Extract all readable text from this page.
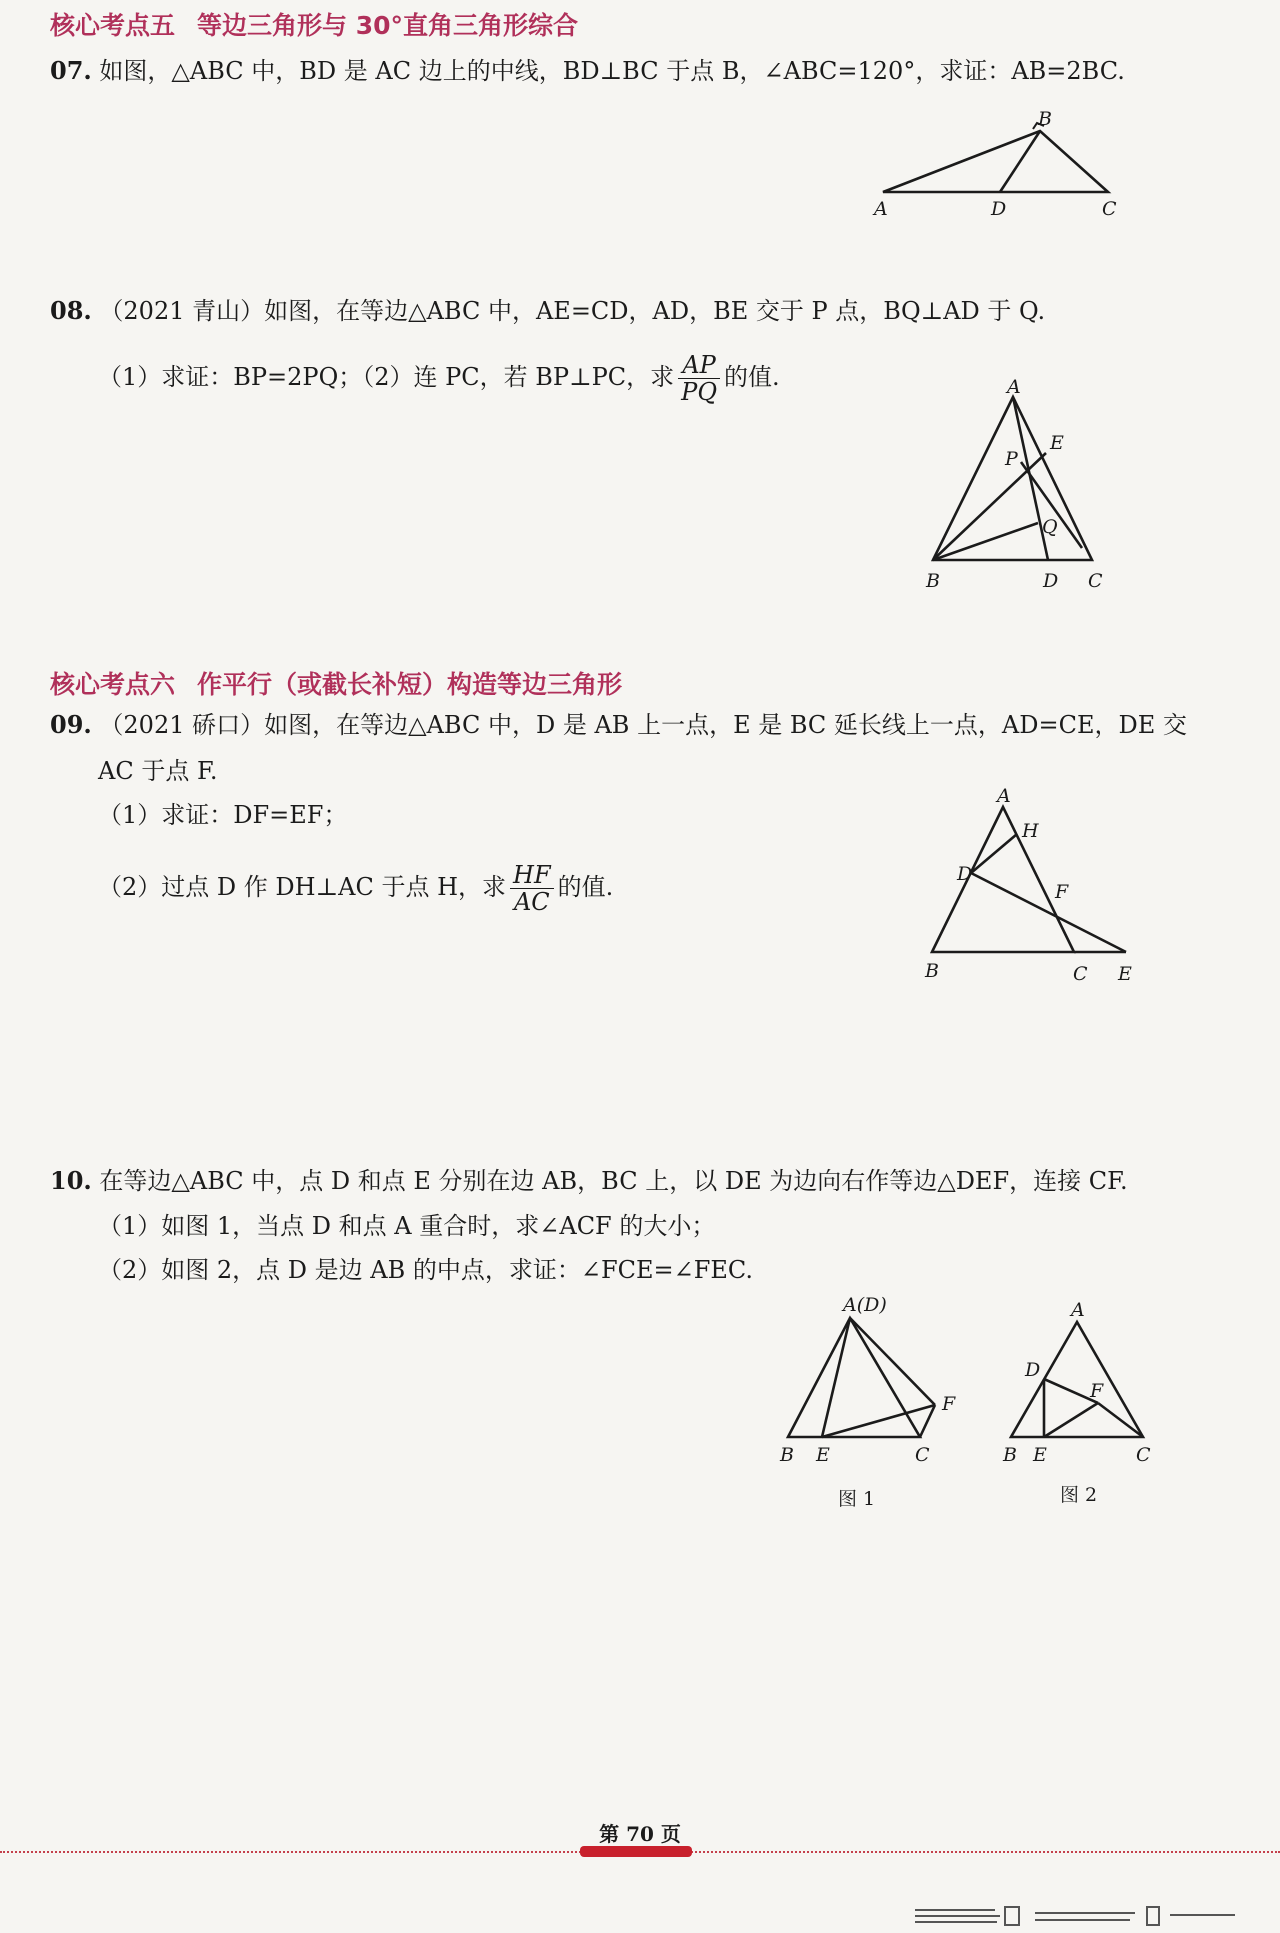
核心考点五 等边三角形与 30°直角三角形综合
07. 如图，△ABC 中，BD 是 AC 边上的中线，BD⊥BC 于点 B，∠ABC=120°，求证：AB=2BC.
B
A	D	C
08. （2021 青山）如图，在等边△ABC 中，AE=CD，AD，BE 交于 P 点，BQ⊥AD 于 Q.
（1）求证：BP=2PQ；（2）连 PC，若 BP⊥PC，求 $\frac{AP}{PQ}$ 的值.	A
E
P
Q
B	D C
核心考点六 作平行（或截长补短）构造等边三角形
09. （2021 硚口）如图，在等边△ABC 中，D 是 AB 上一点，E 是 BC 延长线上一点，AD=CE，DE 交
AC 于点 F.
（1）求证：DF=EF；
（2）过点 D 作 DH⊥AC 于点 H，求 $\frac{HF}{AC}$ 的值.
A
H
D
F
B	C E
10. 在等边△ABC 中，点 D 和点 E 分别在边 AB，BC 上，以 DE 为边向右作等边△DEF，连接 CF.
（1）如图 1，当点 D 和点 A 重合时，求∠ACF 的大小；
（2）如图 2，点 D 是边 AB 的中点，求证：∠FCE=∠FEC.
A(D)
F
B E	C
图 1
A
D
F
B E	C
图 2
第 70 页
